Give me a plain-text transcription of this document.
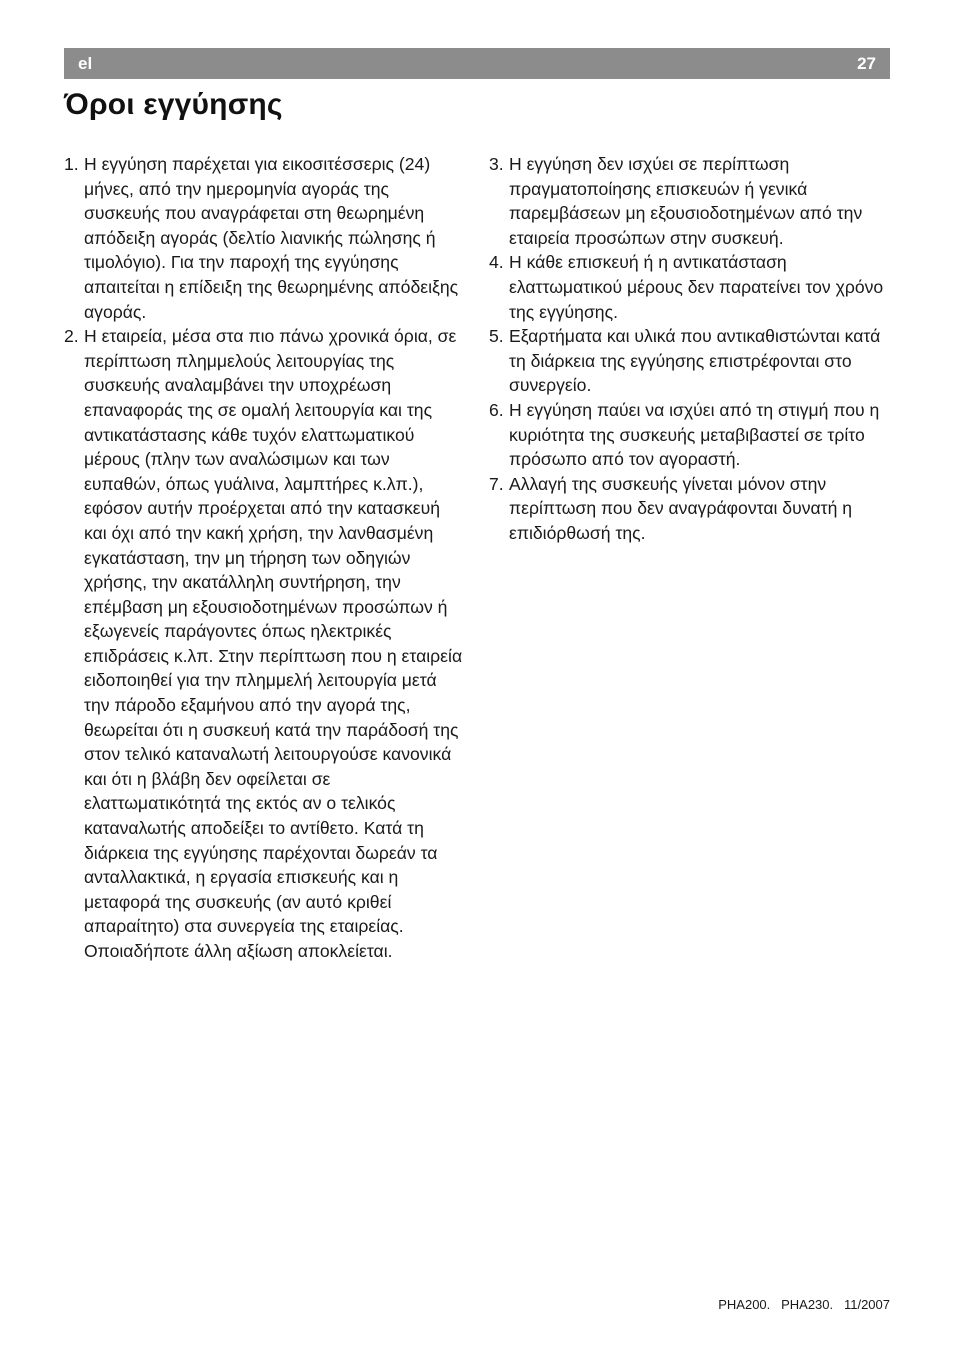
el	27
Όροι εγγύησης
1. Η εγγύηση παρέχεται για εικοσιτέσσερις (24) μήνες, από την ημερομηνία αγοράς της συσκευής που αναγράφεται στη θεωρημένη απόδειξη αγοράς (δελτίο λιανικής πώλησης ή τιμολόγιο). Για την παροχή της εγγύησης απαιτείται η επίδειξη της θεωρημένης απόδειξης αγοράς.
2. Η εταιρεία, μέσα στα πιο πάνω χρονικά όρια, σε περίπτωση πλημμελούς λειτουργίας της συσκευής αναλαμβάνει την υποχρέωση επαναφοράς της σε ομαλή λειτουργία και της αντικατάστασης κάθε τυχόν ελαττωματικού μέρους (πλην των αναλώσιμων και των ευπαθών, όπως γυάλινα, λαμπτήρες κ.λπ.), εφόσον αυτήν προέρχεται από την κατασκευή και όχι από την κακή χρήση, την λανθασμένη εγκατάσταση, την μη τήρηση των οδηγιών χρήσης, την ακατάλληλη συντήρηση, την επέμβαση μη εξουσιοδοτημένων προσώπων ή εξωγενείς παράγοντες όπως ηλεκτρικές επιδράσεις κ.λπ. Στην περίπτωση που η εταιρεία ειδοποιηθεί για την πλημμελή λειτουργία μετά την πάροδο εξαμήνου από την αγορά της, θεωρείται ότι η συσκευή κατά την παράδοσή της στον τελικό καταναλωτή λειτουργούσε κανονικά και ότι η βλάβη δεν οφείλεται σε ελαττωματικότητά της εκτός αν ο τελικός καταναλωτής αποδείξει το αντίθετο. Κατά τη διάρκεια της εγγύησης παρέχονται δωρεάν τα ανταλλακτικά, η εργασία επισκευής και η μεταφορά της συσκευής (αν αυτό κριθεί απαραίτητο) στα συνεργεία της εταιρείας. Οποιαδήποτε άλλη αξίωση αποκλείεται.
3. Η εγγύηση δεν ισχύει σε περίπτωση πραγματοποίησης επισκευών ή γενικά παρεμβάσεων μη εξουσιοδοτημένων από την εταιρεία προσώπων στην συσκευή.
4. Η κάθε επισκευή ή η αντικατάσταση ελαττωματικού μέρους δεν παρατείνει τον χρόνο της εγγύησης.
5. Εξαρτήματα και υλικά που αντικαθιστώνται κατά τη διάρκεια της εγγύησης επιστρέφονται στο συνεργείο.
6. Η εγγύηση παύει να ισχύει από τη στιγμή που η κυριότητα της συσκευής μεταβιβαστεί σε τρίτο πρόσωπο από τον αγοραστή.
7. Αλλαγή της συσκευής γίνεται μόνον στην περίπτωση που δεν αναγράφονται δυνατή η επιδιόρθωσή της.
PHA200.   PHA230.   11/2007
